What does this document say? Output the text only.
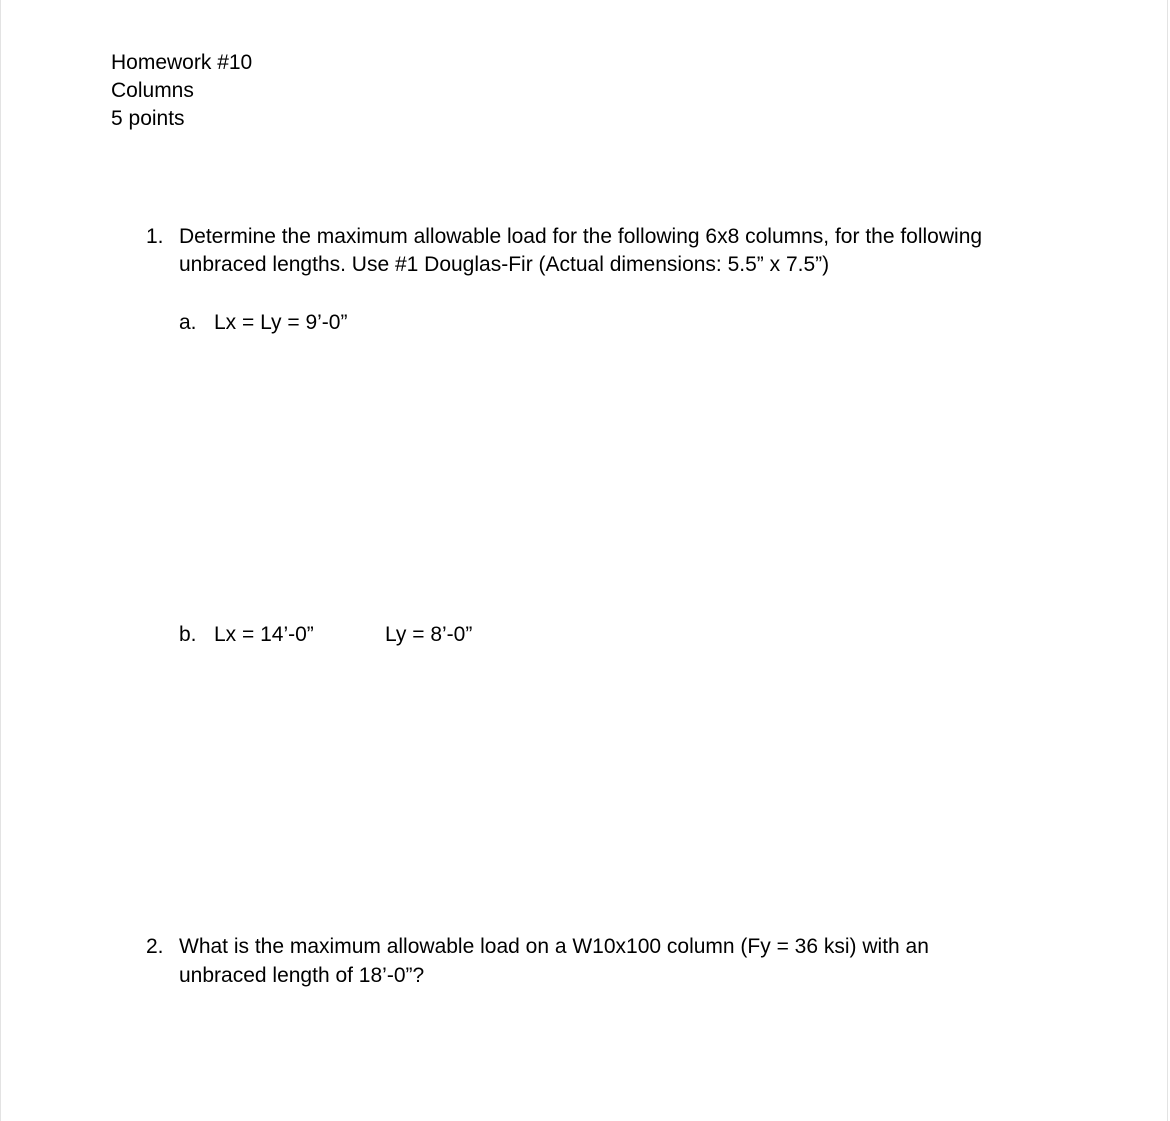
Homework #10
Columns
5 points
1. Determine the maximum allowable load for the following 6x8 columns, for the following
unbraced lengths. Use #1 Douglas-Fir (Actual dimensions: 5.5” x 7.5”)
a. Lx = Ly = 9’-0”
b. Lx = 14’-0”	Ly = 8’-0”
2. What is the maximum allowable load on a W10x100 column (Fy = 36 ksi) with an
unbraced length of 18’-0”?
